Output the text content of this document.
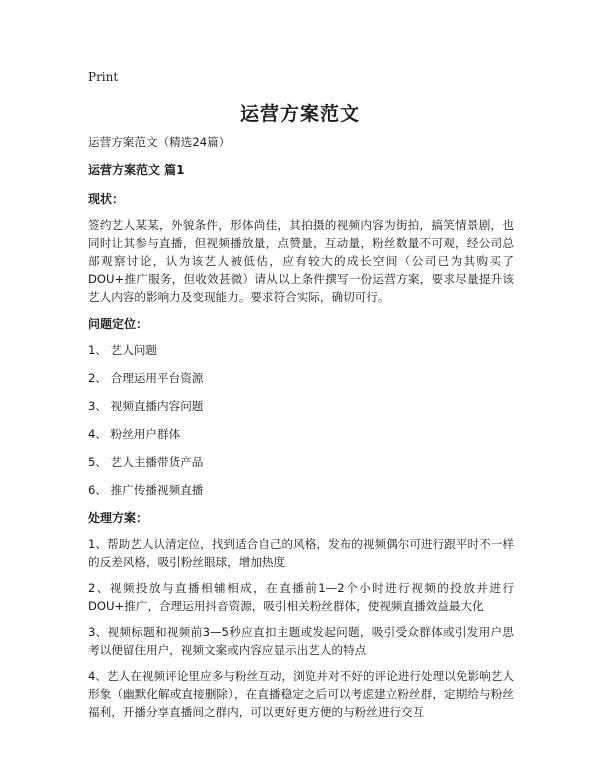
Print
运营方案范文

运营方案范文（精选24篇）

运营方案范文 篇1

现状：

签约艺人某某，外貌条件，形体尚佳，其拍摄的视频内容为街拍，搞笑情景剧，也同时让其参与直播，但视频播放量，点赞量，互动量，粉丝数量不可观，经公司总部观察讨论，认为该艺人被低估，应有较大的成长空间（公司已为其购买了DOU+推广服务，但收效甚微）请从以上条件撰写一份运营方案，要求尽量提升该艺人内容的影响力及变现能力。要求符合实际，确切可行。

问题定位：

1、 艺人问题
2、 合理运用平台资源
3、 视频直播内容问题
4、 粉丝用户群体
5、 艺人主播带货产品
6、 推广传播视频直播

处理方案：

1、帮助艺人认清定位，找到适合自己的风格，发布的视频偶尔可进行跟平时不一样的反差风格，吸引粉丝眼球，增加热度
2、视频投放与直播相辅相成，在直播前1—2个小时进行视频的投放并进行DOU+推广，合理运用抖音资源，吸引相关粉丝群体，使视频直播效益最大化
3、视频标题和视频前3—5秒应直扣主题或发起问题，吸引受众群体或引发用户思考以便留住用户，视频文案或内容应显示出艺人的特点
4、艺人在视频评论里应多与粉丝互动，浏览并对不好的评论进行处理以免影响艺人形象（幽默化解或直接删除），在直播稳定之后可以考虑建立粉丝群，定期给与粉丝福利，开播分享直播间之群内，可以更好更方便的与粉丝进行交互
